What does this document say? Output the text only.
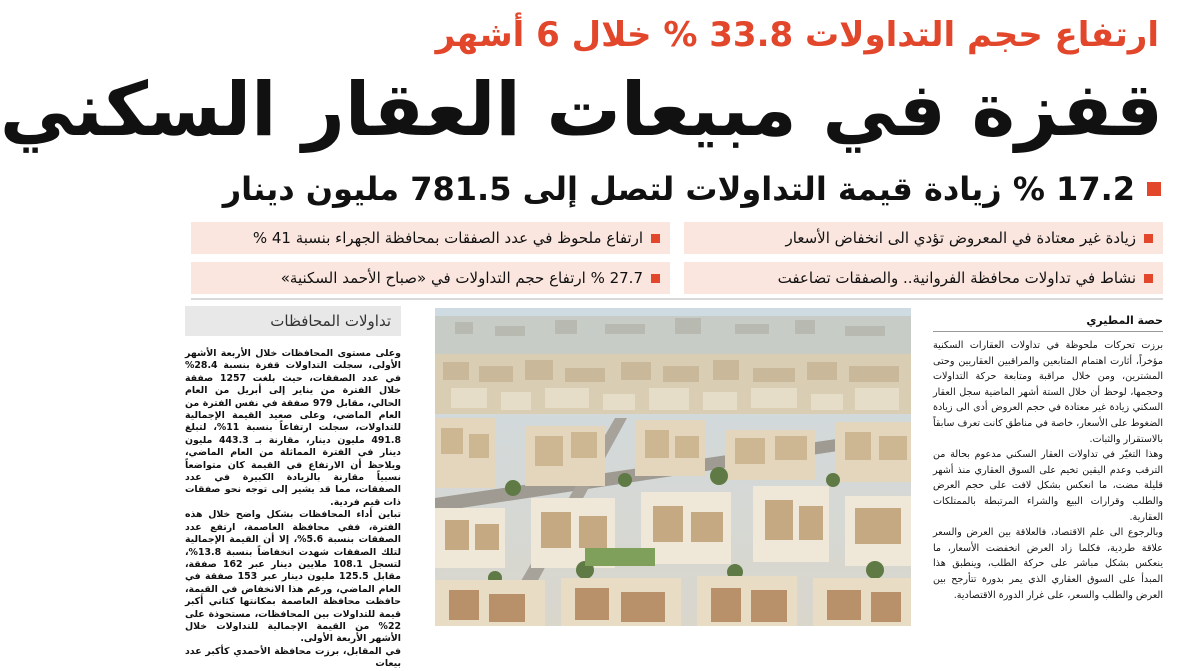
ارتفاع حجم التداولات 33.8 % خلال 6 أشهر
قفزة في مبيعات العقار السكني
17.2 % زيادة قيمة التداولات لتصل إلى 781.5 مليون دينار
زيادة غير معتادة في المعروض تؤدي الى انخفاض الأسعار
ارتفاع ملحوظ في عدد الصفقات بمحافظة الجهراء بنسبة 41 %
نشاط في تداولات محافظة الفروانية.. والصفقات تضاعفت
27.7 % ارتفاع حجم التداولات في «صباح الأحمد السكنية»
حصة المطيري

برزت تحركات ملحوظة في تداولات العقارات السكنية مؤخراً، أثارت اهتمام المتابعين والمراقبين العقاريين وحتى المشترين، ومن خلال مراقبة ومتابعة حركة التداولات وحجمها، لوحظ أن خلال الستة أشهر الماضية سجل العقار السكني زيادة غير معتادة في حجم العروض أدى الى زيادة الضغوط على الأسعار، خاصة في مناطق كانت تعرف سابقاً بالاستقرار والثبات.

وهذا التغيّر في تداولات العقار السكني مدعوم بحالة من الترقب وعدم اليقين تخيم على السوق العقاري منذ أشهر قليلة مضت، ما انعكس بشكل لافت على حجم العرض والطلب وقرارات البيع والشراء المرتبطة بالممتلكات العقارية.

وبالرجوع الى علم الاقتصاد، فالعلاقة بين العرض والسعر علاقة طردية، فكلما زاد العرض انخفضت الأسعار، ما ينعكس بشكل مباشر على حركة الطلب، وينطبق هذا المبدأ على السوق العقاري الذي يمر بدورة تتأرجح بين العرض والطلب والسعر، على غرار الدورة الاقتصادية.

تداولات المحافظات

وعلى مستوى المحافظات خلال الأربعة الأشهر الأولى، سجلت التداولات قفزة بنسبة 28.4% في عدد الصفقات، حيث بلغت 1257 صفقة خلال الفترة من يناير إلى أبريل من العام الحالي، مقابل 979 صفقة في نفس الفترة من العام الماضي، وعلى صعيد القيمة الإجمالية للتداولات، سجلت ارتفاعاً بنسبة 11%، لتبلغ 491.8 مليون دينار، مقارنة بـ 443.3 مليون دينار في الفترة المماثلة من العام الماضي، ويلاحظ أن الارتفاع في القيمة كان متواضعاً نسبياً مقارنة بالزيادة الكبيرة في عدد الصفقات، مما قد يشير إلى توجه نحو صفقات ذات قيم فردية.

تباين أداء المحافظات بشكل واضح خلال هذه الفترة، ففي محافظة العاصمة، ارتفع عدد الصفقات بنسبة 5.6%، إلا أن القيمة الإجمالية لتلك الصفقات شهدت انخفاضاً بنسبة 13.8%، لتسجل 108.1 ملايين دينار عبر 162 صفقة، مقابل 125.5 مليون دينار عبر 153 صفقة في العام الماضي، ورغم هذا الانخفاض في القيمة، حافظت محافظة العاصمة بمكانتها كثاني أكبر قيمة للتداولات بين المحافظات، مستحوذة على 22% من القيمة الإجمالية للتداولات خلال الأشهر الأربعة الأولى.

في المقابل، برزت محافظة الأحمدي كأكبر عدد بيعات
